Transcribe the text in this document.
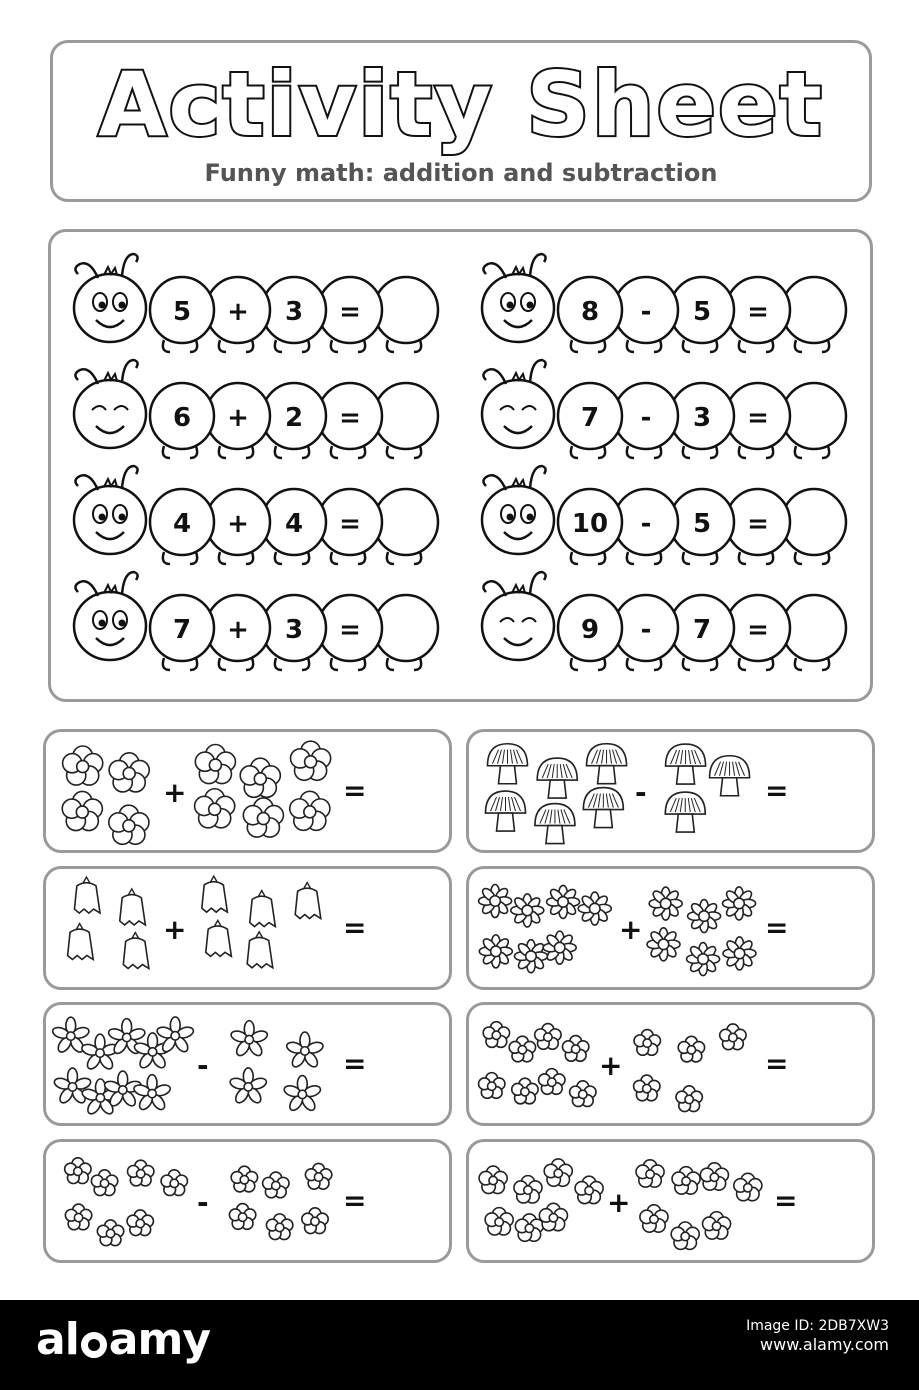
Activity Sheet
Funny math: addition and subtraction
+	=	-	=
+	=	+	=
-	=	+	=
-	=	+	=
al amy	Image ID: 2DB7XW3
www.alamy.com
5 + 3 =
6 + 2 =
4 + 4 =
7 + 3 =
8 - 5 =
7 - 3 =
10 - 5 =
9 - 7 =
